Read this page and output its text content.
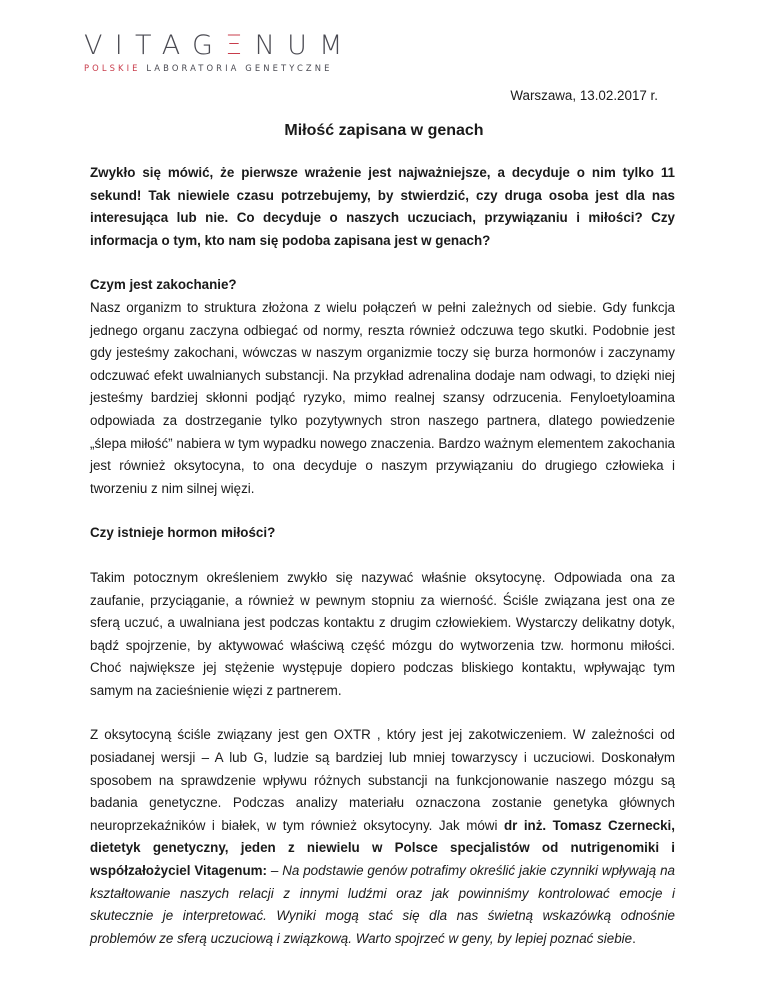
VITAGΞNUM
POLSKIE LABORATORIA GENETYCZNE
Warszawa, 13.02.2017 r.
Miłość zapisana w genach

Zwykło się mówić, że pierwsze wrażenie jest najważniejsze, a decyduje o nim tylko 11 sekund! Tak niewiele czasu potrzebujemy, by stwierdzić, czy druga osoba jest dla nas interesująca lub nie. Co decyduje o naszych uczuciach, przywiązaniu i miłości? Czy informacja o tym, kto nam się podoba zapisana jest w genach?

Czym jest zakochanie?

Nasz organizm to struktura złożona z wielu połączeń w pełni zależnych od siebie. Gdy funkcja jednego organu zaczyna odbiegać od normy, reszta również odczuwa tego skutki. Podobnie jest gdy jesteśmy zakochani, wówczas w naszym organizmie toczy się burza hormonów i zaczynamy odczuwać efekt uwalnianych substancji. Na przykład adrenalina dodaje nam odwagi, to dzięki niej jesteśmy bardziej skłonni podjąć ryzyko, mimo realnej szansy odrzucenia. Fenyloetyloamina odpowiada za dostrzeganie tylko pozytywnych stron naszego partnera, dlatego powiedzenie „ślepa miłość” nabiera w tym wypadku nowego znaczenia. Bardzo ważnym elementem zakochania jest również oksytocyna, to ona decyduje o naszym przywiązaniu do drugiego człowieka i tworzeniu z nim silnej więzi.

Czy istnieje hormon miłości?

Takim potocznym określeniem zwykło się nazywać właśnie oksytocynę. Odpowiada ona za zaufanie, przyciąganie, a również w pewnym stopniu za wierność. Ściśle związana jest ona ze sferą uczuć, a uwalniana jest podczas kontaktu z drugim człowiekiem. Wystarczy delikatny dotyk, bądź spojrzenie, by aktywować właściwą część mózgu do wytworzenia tzw. hormonu miłości. Choć największe jej stężenie występuje dopiero podczas bliskiego kontaktu, wpływając tym samym na zacieśnienie więzi z partnerem.

Z oksytocyną ściśle związany jest gen OXTR , który jest jej zakotwiczeniem. W zależności od posiadanej wersji – A lub G, ludzie są bardziej lub mniej towarzyscy i uczuciowi. Doskonałym sposobem na sprawdzenie wpływu różnych substancji na funkcjonowanie naszego mózgu są badania genetyczne. Podczas analizy materiału oznaczona zostanie genetyka głównych neuroprzekaźników i białek, w tym również oksytocyny. Jak mówi dr inż. Tomasz Czernecki, dietetyk genetyczny, jeden z niewielu w Polsce specjalistów od nutrigenomiki i współzałożyciel Vitagenum: – Na podstawie genów potrafimy określić jakie czynniki wpływają na kształtowanie naszych relacji z innymi ludźmi oraz jak powinniśmy kontrolować emocje i skutecznie je interpretować. Wyniki mogą stać się dla nas świetną wskazówką odnośnie problemów ze sferą uczuciową i związkową. Warto spojrzeć w geny, by lepiej poznać siebie.
